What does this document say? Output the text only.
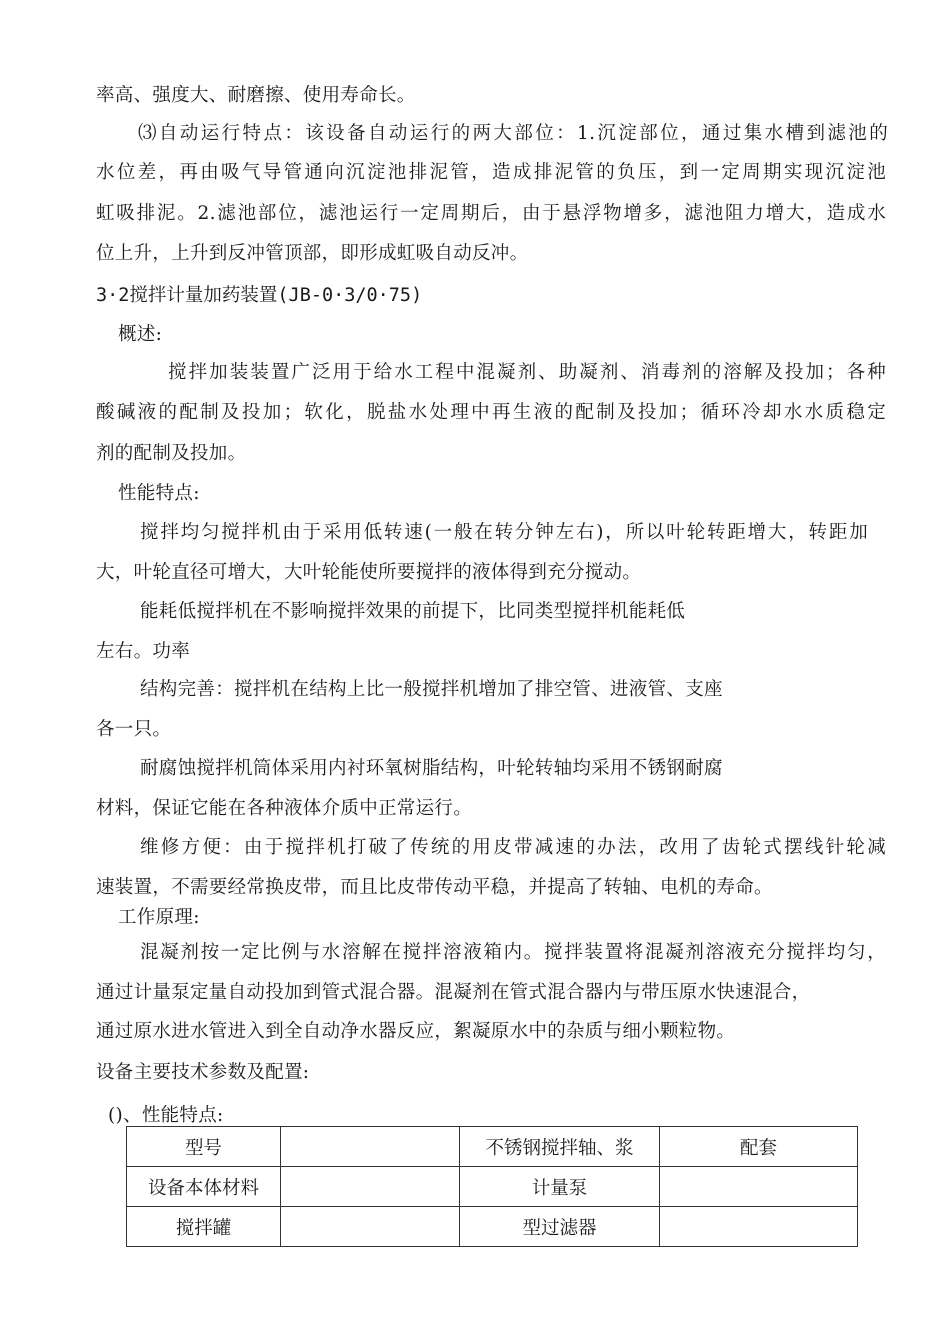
率高、强度大、耐磨擦、使用寿命长。
⑶自动运行特点：该设备自动运行的两大部位：1.沉淀部位，通过集水槽到滤池的
水位差，再由吸气导管通向沉淀池排泥管，造成排泥管的负压，到一定周期实现沉淀池
虹吸排泥。2.滤池部位，滤池运行一定周期后，由于悬浮物增多，滤池阻力增大，造成水
位上升，上升到反冲管顶部，即形成虹吸自动反冲。
3·2搅拌计量加药装置(JB-0·3/0·75)
概述:
搅拌加装装置广泛用于给水工程中混凝剂、助凝剂、消毒剂的溶解及投加；各种
酸碱液的配制及投加；软化，脱盐水处理中再生液的配制及投加；循环冷却水水质稳定
剂的配制及投加。
性能特点:
搅拌均匀搅拌机由于采用低转速(一般在转分钟左右)，所以叶轮转距增大，转距加
大，叶轮直径可增大，大叶轮能使所要搅拌的液体得到充分搅动。
能耗低搅拌机在不影响搅拌效果的前提下，比同类型搅拌机能耗低
左右。功率
结构完善：搅拌机在结构上比一般搅拌机增加了排空管、进液管、支座
各一只。
耐腐蚀搅拌机筒体采用内衬环氧树脂结构，叶轮转轴均采用不锈钢耐腐
材料，保证它能在各种液体介质中正常运行。
维修方便：由于搅拌机打破了传统的用皮带减速的办法，改用了齿轮式摆线针轮减
速装置，不需要经常换皮带，而且比皮带传动平稳，并提高了转轴、电机的寿命。
工作原理:
混凝剂按一定比例与水溶解在搅拌溶液箱内。搅拌装置将混凝剂溶液充分搅拌均匀，
通过计量泵定量自动投加到管式混合器。混凝剂在管式混合器内与带压原水快速混合，
通过原水进水管进入到全自动净水器反应，絮凝原水中的杂质与细小颗粒物。
设备主要技术参数及配置:
()、性能特点:
型号		不锈钢搅拌轴、浆	配套
设备本体材料		计量泵	
搅拌罐		型过滤器	
